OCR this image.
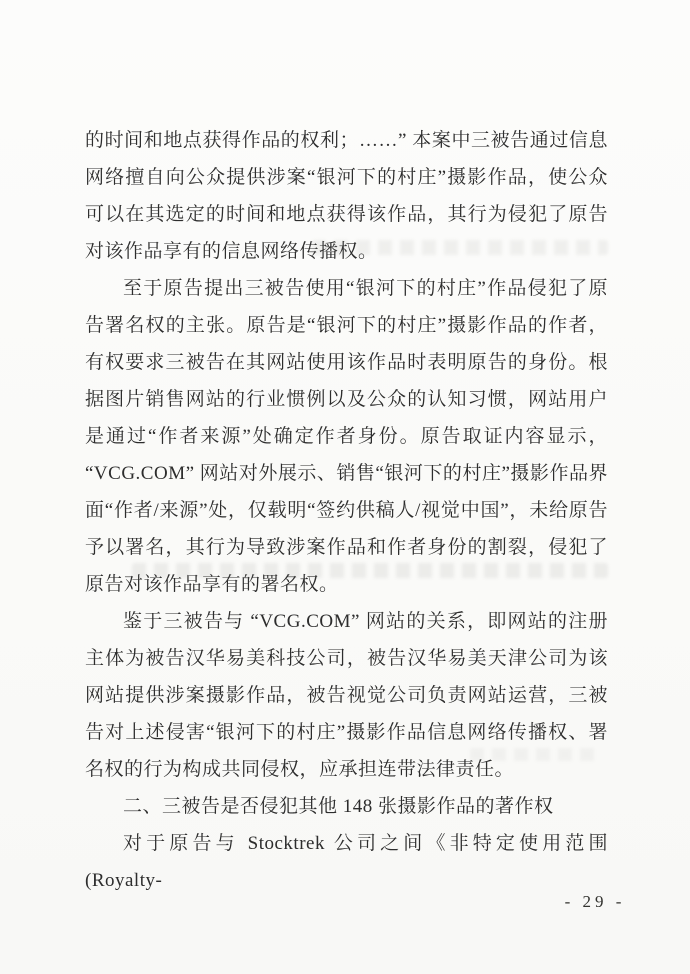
的时间和地点获得作品的权利；……” 本案中三被告通过信息网络擅自向公众提供涉案“银河下的村庄”摄影作品，使公众可以在其选定的时间和地点获得该作品，其行为侵犯了原告对该作品享有的信息网络传播权。

至于原告提出三被告使用“银河下的村庄”作品侵犯了原告署名权的主张。原告是“银河下的村庄”摄影作品的作者，有权要求三被告在其网站使用该作品时表明原告的身份。根据图片销售网站的行业惯例以及公众的认知习惯，网站用户是通过“作者来源”处确定作者身份。原告取证内容显示，“VCG.COM” 网站对外展示、销售“银河下的村庄”摄影作品界面“作者/来源”处，仅载明“签约供稿人/视觉中国”，未给原告予以署名，其行为导致涉案作品和作者身份的割裂，侵犯了原告对该作品享有的署名权。

鉴于三被告与 “VCG.COM” 网站的关系，即网站的注册主体为被告汉华易美科技公司，被告汉华易美天津公司为该网站提供涉案摄影作品，被告视觉公司负责网站运营，三被告对上述侵害“银河下的村庄”摄影作品信息网络传播权、署名权的行为构成共同侵权，应承担连带法律责任。

二、三被告是否侵犯其他 148 张摄影作品的著作权

对于原告与 Stocktrek 公司之间《非特定使用范围(Royalty-

- 29 -
